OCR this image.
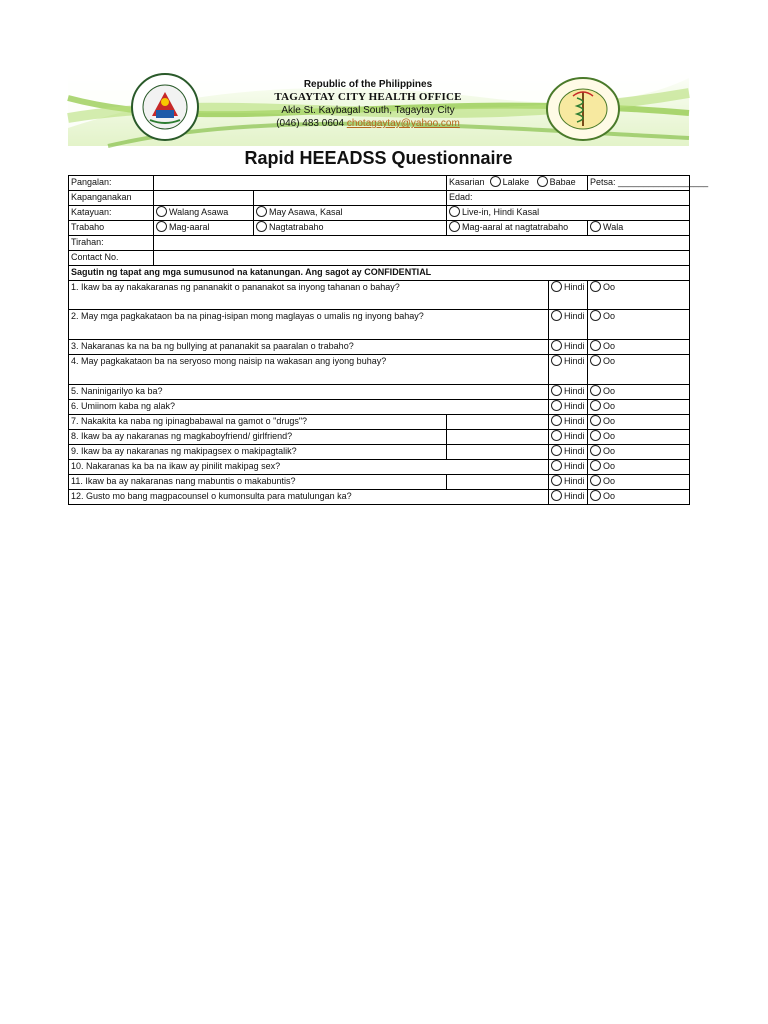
Republic of the Philippines
TAGAYTAY CITY HEALTH OFFICE
Akle St. Kaybagal South, Tagaytay City
(046) 483 0604 chotagaytay@yahoo.com
Rapid HEEADSS Questionnaire
Pangalan:			Kasarian Lalake Babae		Petsa: __________________
Kapanganakan			Edad:		
Katayuan:	Walang Asawa	May Asawa, Kasal	Live-in, Hindi Kasal		
Trabaho	Mag-aaral	Nagtatrabaho	Mag-aaral at nagtatrabaho		Wala
Tirahan:					
Contact No.					
Sagutin ng tapat ang mga sumusunod na katanungan. Ang sagot ay CONFIDENTIAL					
1. Ikaw ba ay nakakaranas ng pananakit o pananakot sa inyong tahanan o bahay?				Hindi	Oo
2. May mga pagkakataon ba na pinag-isipan mong maglayas o umalis ng inyong bahay?				Hindi	Oo
3. Nakaranas ka na ba ng bullying at pananakit sa paaralan o trabaho?				Hindi	Oo
4. May pagkakataon ba na seryoso mong naisip na wakasan ang iyong buhay?				Hindi	Oo
5. Naninigarilyo ka ba?				Hindi	Oo
6. Umiinom kaba ng alak?				Hindi	Oo
7. Nakakita ka naba ng ipinagbabawal na gamot o "drugs"?				Hindi	Oo
8. Ikaw ba ay nakaranas ng magkaboyfriend/ girlfriend?				Hindi	Oo
9. Ikaw ba ay nakaranas ng makipagsex o makipagtalik?				Hindi	Oo
10. Nakaranas ka ba na ikaw ay pinilit makipag sex?				Hindi	Oo
11. Ikaw ba ay nakaranas nang mabuntis o makabuntis?				Hindi	Oo
12. Gusto mo bang magpacounsel o kumonsulta para matulungan ka?				Hindi	Oo
